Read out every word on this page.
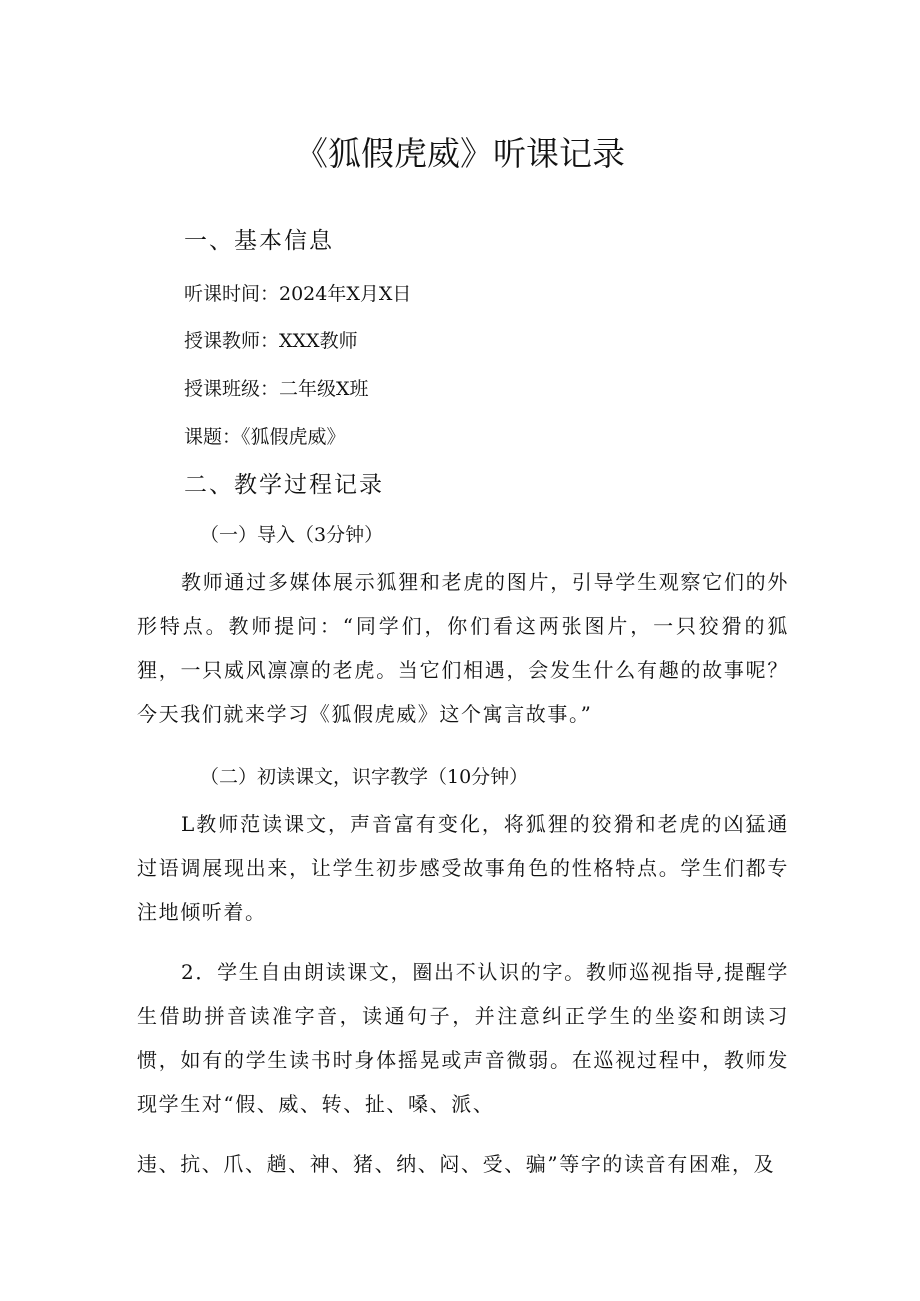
《狐假虎威》听课记录

一、基本信息

听课时间：2024年X月X日

授课教师：XXX教师

授课班级：二年级X班

课题：《狐假虎威》

二、教学过程记录

（一）导入（3分钟）

教师通过多媒体展示狐狸和老虎的图片，引导学生观察它们的外形特点。教师提问：“同学们，你们看这两张图片，一只狡猾的狐狸，一只威风凛凛的老虎。当它们相遇，会发生什么有趣的故事呢？今天我们就来学习《狐假虎威》这个寓言故事。”

（二）初读课文，识字教学（10分钟）

L教师范读课文，声音富有变化，将狐狸的狡猾和老虎的凶猛通过语调展现出来，让学生初步感受故事角色的性格特点。学生们都专注地倾听着。

2．学生自由朗读课文，圈出不认识的字。教师巡视指导,提醒学生借助拼音读准字音，读通句子，并注意纠正学生的坐姿和朗读习惯，如有的学生读书时身体摇晃或声音微弱。在巡视过程中，教师发现学生对“假、威、转、扯、嗓、派、

违、抗、爪、趟、神、猪、纳、闷、受、骗”等字的读音有困难，及
